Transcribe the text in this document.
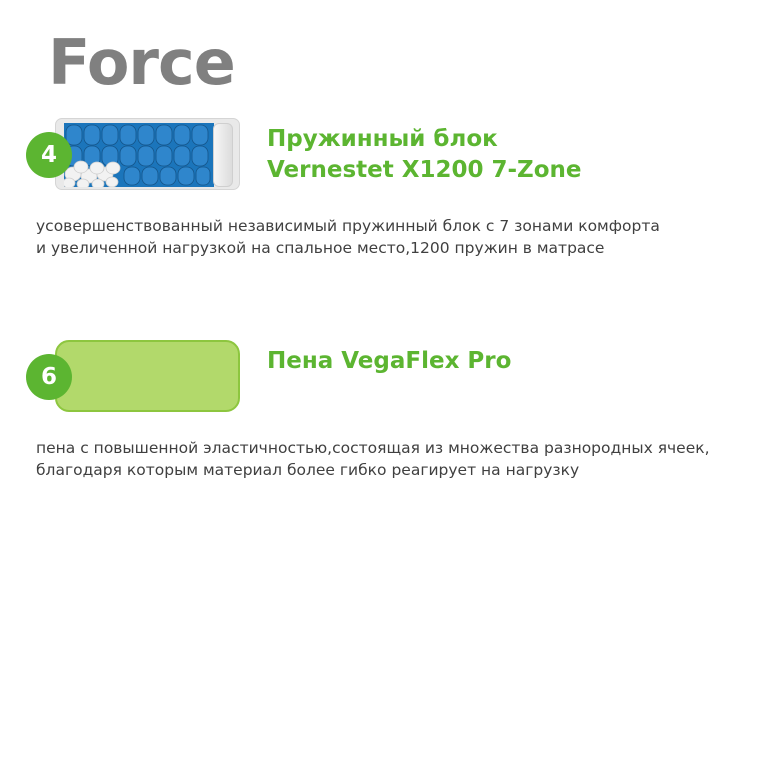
Force
4
Пружинный блок
Vernestet X1200 7-Zone
усовершенствованный независимый пружинный блок с 7 зонами комфорта
и увеличенной нагрузкой на спальное место,1200 пружин в матрасе
6
Пена VegaFlex Pro
пена с повышенной эластичностью,состоящая из множества разнородных ячеек,
благодаря которым материал более гибко реагирует на нагрузку
